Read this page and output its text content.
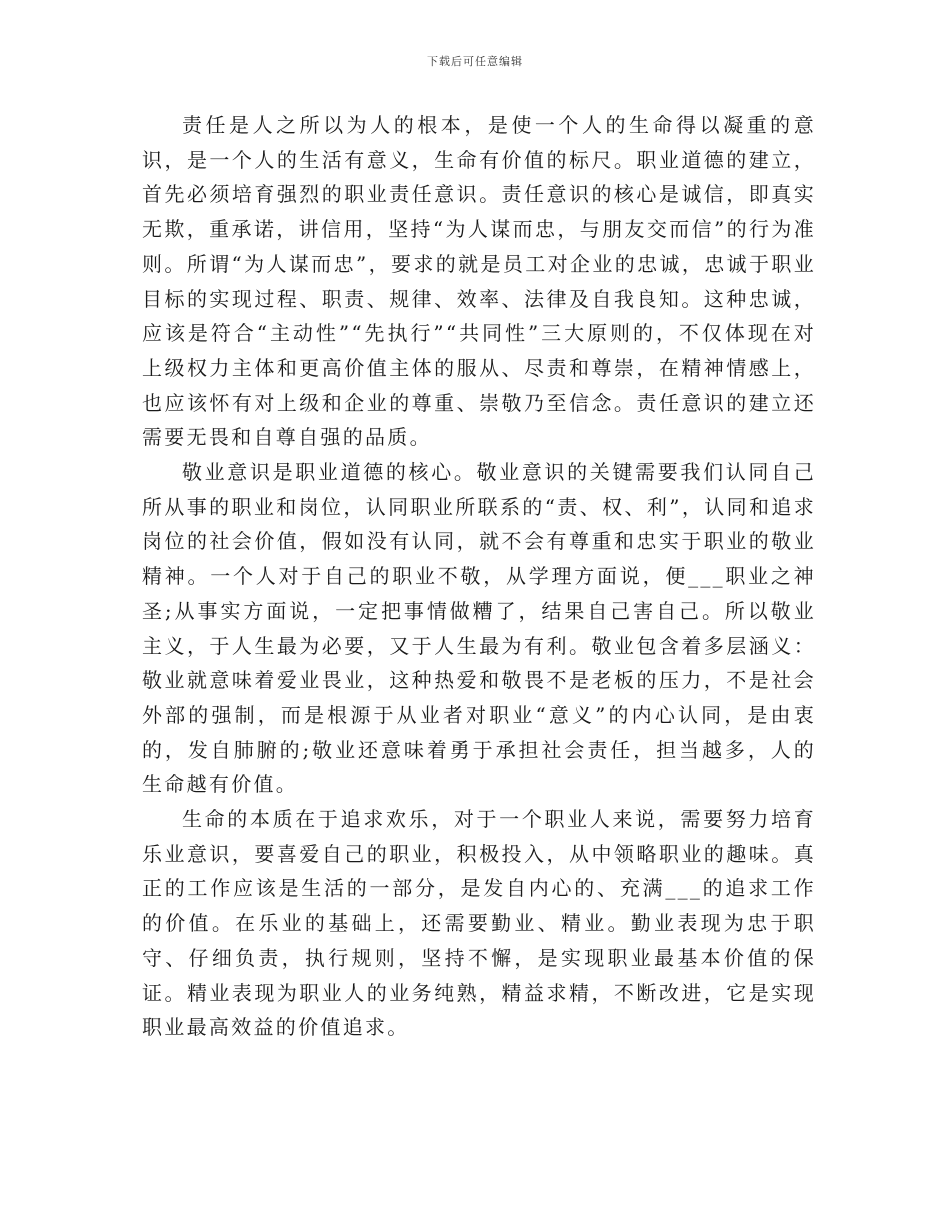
下载后可任意编辑

责任是人之所以为人的根本，是使一个人的生命得以凝重的意识，是一个人的生活有意义，生命有价值的标尺。职业道德的建立，首先必须培育强烈的职业责任意识。责任意识的核心是诚信，即真实无欺，重承诺，讲信用，坚持“为人谋而忠，与朋友交而信”的行为准则。所谓“为人谋而忠”，要求的就是员工对企业的忠诚，忠诚于职业目标的实现过程、职责、规律、效率、法律及自我良知。这种忠诚，应该是符合“主动性”“先执行”“共同性”三大原则的，不仅体现在对上级权力主体和更高价值主体的服从、尽责和尊崇，在精神情感上，也应该怀有对上级和企业的尊重、崇敬乃至信念。责任意识的建立还需要无畏和自尊自强的品质。

敬业意识是职业道德的核心。敬业意识的关键需要我们认同自己所从事的职业和岗位，认同职业所联系的“责、权、利”，认同和追求岗位的社会价值，假如没有认同，就不会有尊重和忠实于职业的敬业精神。一个人对于自己的职业不敬，从学理方面说，便___职业之神圣;从事实方面说，一定把事情做糟了，结果自己害自己。所以敬业主义，于人生最为必要，又于人生最为有利。敬业包含着多层涵义：敬业就意味着爱业畏业，这种热爱和敬畏不是老板的压力，不是社会外部的强制，而是根源于从业者对职业“意义”的内心认同，是由衷的，发自肺腑的;敬业还意味着勇于承担社会责任，担当越多，人的生命越有价值。

生命的本质在于追求欢乐，对于一个职业人来说，需要努力培育乐业意识，要喜爱自己的职业，积极投入，从中领略职业的趣味。真正的工作应该是生活的一部分，是发自内心的、充满___的追求工作的价值。在乐业的基础上，还需要勤业、精业。勤业表现为忠于职守、仔细负责，执行规则，坚持不懈，是实现职业最基本价值的保证。精业表现为职业人的业务纯熟，精益求精，不断改进，它是实现职业最高效益的价值追求。
